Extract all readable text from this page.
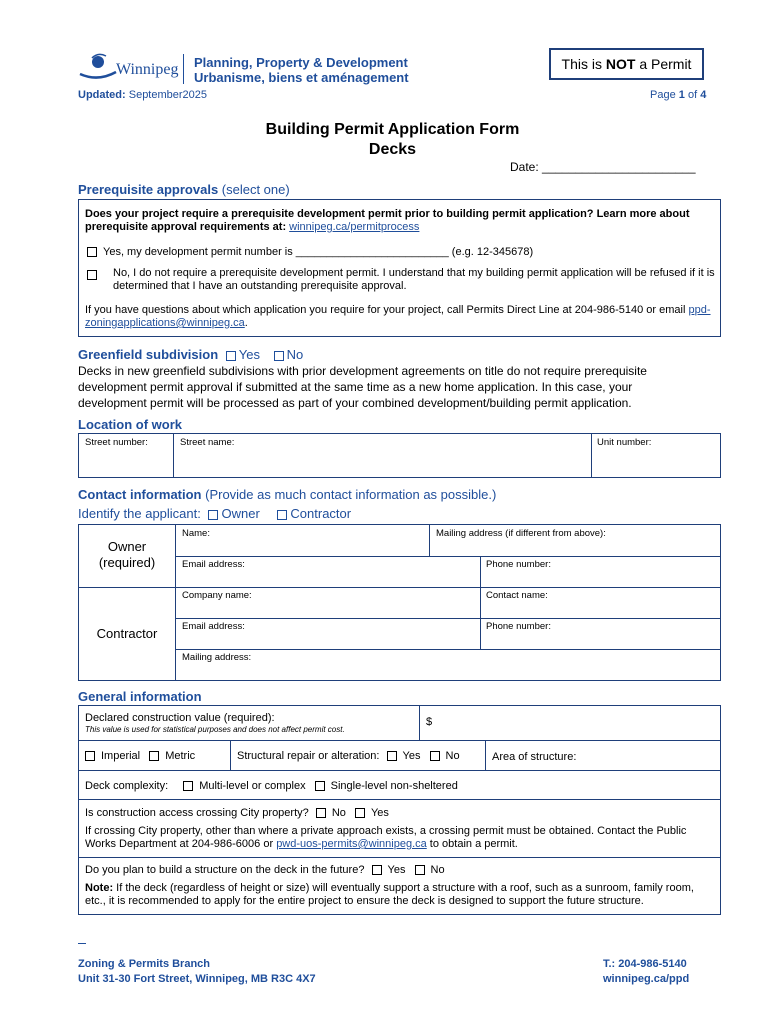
Winnipeg Planning, Property & Development
Urbanisme, biens et aménagement
This is NOT a Permit
Updated: September2025	Page 1 of 4
Building Permit Application Form
Decks
Date: _______________________
Prerequisite approvals (select one)
Does your project require a prerequisite development permit prior to building permit application? Learn more about prerequisite approval requirements at: winnipeg.ca/permitprocess
Yes, my development permit number is _________________________ (e.g. 12-345678)
No, I do not require a prerequisite development permit. I understand that my building permit application will be refused if it is determined that I have an outstanding prerequisite approval.
If you have questions about which application you require for your project, call Permits Direct Line at 204-986-5140 or email ppd-zoningapplications@winnipeg.ca.
Greenfield subdivision Yes No
Decks in new greenfield subdivisions with prior development agreements on title do not require prerequisite development permit approval if submitted at the same time as a new home application. In this case, your development permit will be processed as part of your combined development/building permit application.
Location of work
Street number:	Street name:	Unit number:
Contact information (Provide as much contact information as possible.)
Identify the applicant: Owner Contractor
Owner
(required)
Name:	Mailing address (if different from above):
Email address:	Phone number:
Contractor
Company name:	Contact name:
Email address:	Phone number:
Mailing address:
General information
Declared construction value (required):
This value is used for statistical purposes and does not affect permit cost.
$
Imperial Metric	Structural repair or alteration: Yes No	Area of structure:
Deck complexity:	Multi-level or complex Single-level non-sheltered
Is construction access crossing City property? No Yes
If crossing City property, other than where a private approach exists, a crossing permit must be obtained. Contact the Public Works Department at 204-986-6006 or pwd-uos-permits@winnipeg.ca to obtain a permit.
Do you plan to build a structure on the deck in the future? Yes No
Note: If the deck (regardless of height or size) will eventually support a structure with a roof, such as a sunroom, family room, etc., it is recommended to apply for the entire project to ensure the deck is designed to support the future structure.
Zoning & Permits Branch
Unit 31-30 Fort Street, Winnipeg, MB R3C 4X7
T.: 204-986-5140
winnipeg.ca/ppd
